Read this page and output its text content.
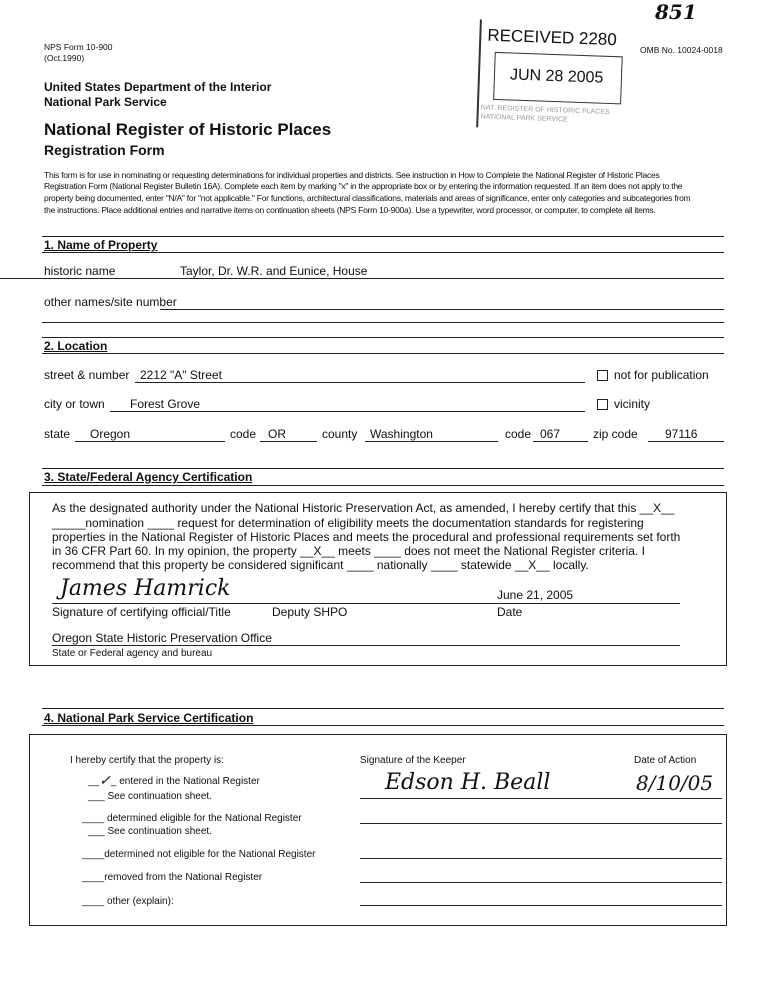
851
NPS Form 10-900
(Oct.1990)
OMB No. 10024-0018
RECEIVED 2280
JUN 28 2005
NAT. REGISTER OF HISTORIC PLACES NATIONAL PARK SERVICE
United States Department of the Interior
National Park Service
National Register of Historic Places
Registration Form
This form is for use in nominating or requesting determinations for individual properties and districts. See instruction in How to Complete the National Register of Historic Places
Registration Form (National Register Bulletin 16A). Complete each item by marking "x" in the appropriate box or by entering the information requested. If an item does not apply to the
property being documented, enter "N/A" for "not applicable." For functions, architectural classifications, materials and areas of significance, enter only categories and subcategories from
the instructions. Place additional entries and narrative items on continuation sheets (NPS Form 10-900a). Use a typewriter, word processor, or computer, to complete all items.
1. Name of Property
historic name	Taylor, Dr. W.R. and Eunice, House
other names/site number
2. Location
street & number 2212 "A" Street	not for publication
city or town Forest Grove	vicinity
state Oregon	code OR	county Washington	code 067	zip code 97116
3. State/Federal Agency Certification
As the designated authority under the National Historic Preservation Act, as amended, I hereby certify that this __X__
_____nomination ____ request for determination of eligibility meets the documentation standards for registering
properties in the National Register of Historic Places and meets the procedural and professional requirements set forth
in 36 CFR Part 60. In my opinion, the property __X__ meets ____ does not meet the National Register criteria. I
recommend that this property be considered significant ____ nationally ____ statewide __X__ locally.
James Hamrick	June 21, 2005
Signature of certifying official/Title	Deputy SHPO	Date
Oregon State Historic Preservation Office
State or Federal agency and bureau
4. National Park Service Certification
I hereby certify that the property is:
__✓_ entered in the National Register
___ See continuation sheet.
____ determined eligible for the National Register
___ See continuation sheet.
____determined not eligible for the National Register
____removed from the National Register
____ other (explain):
Signature of the Keeper	Date of Action
Edson H. Beall	8/10/05
